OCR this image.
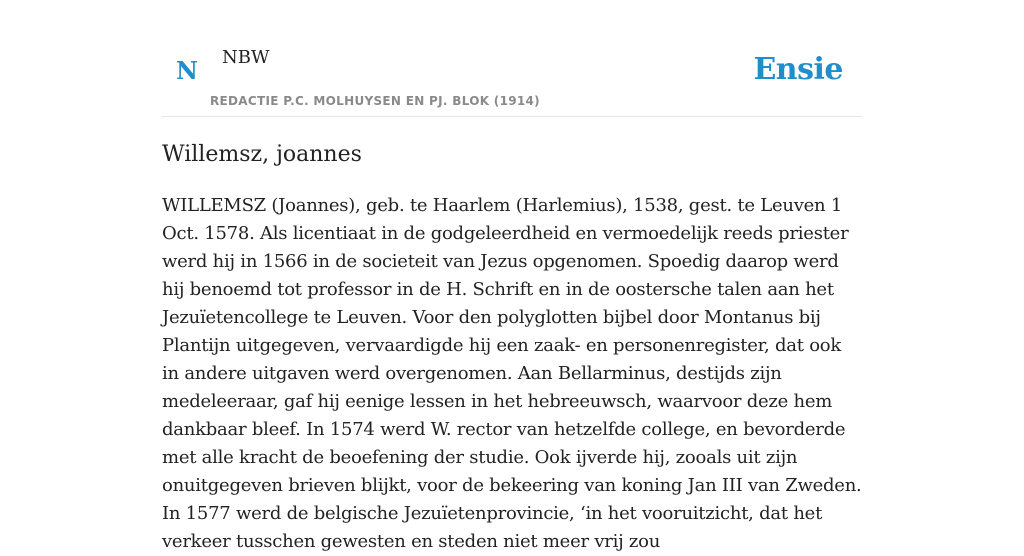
N NBW
REDACTIE P.C. MOLHUYSEN EN PJ. BLOK (1914)
Ensie
Willemsz, joannes

WILLEMSZ (Joannes), geb. te Haarlem (Harlemius), 1538, gest. te Leuven 1 Oct. 1578. Als licentiaat in de godgeleerdheid en vermoedelijk reeds priester werd hij in 1566 in de societeit van Jezus opgenomen. Spoedig daarop werd hij benoemd tot professor in de H. Schrift en in de oostersche talen aan het Jezuïetencollege te Leuven. Voor den polyglotten bijbel door Montanus bij Plantijn uitgegeven, vervaardigde hij een zaak- en personenregister, dat ook in andere uitgaven werd overgenomen. Aan Bellarminus, destijds zijn medeleeraar, gaf hij eenige lessen in het hebreeuwsch, waarvoor deze hem dankbaar bleef. In 1574 werd W. rector van hetzelfde college, en bevorderde met alle kracht de beoefening der studie. Ook ijverde hij, zooals uit zijn onuitgegeven brieven blijkt, voor de bekeering van koning Jan III van Zweden. In 1577 werd de belgische Jezuïetenprovincie, ‘in het vooruitzicht, dat het verkeer tusschen gewesten en steden niet meer vrij zou
